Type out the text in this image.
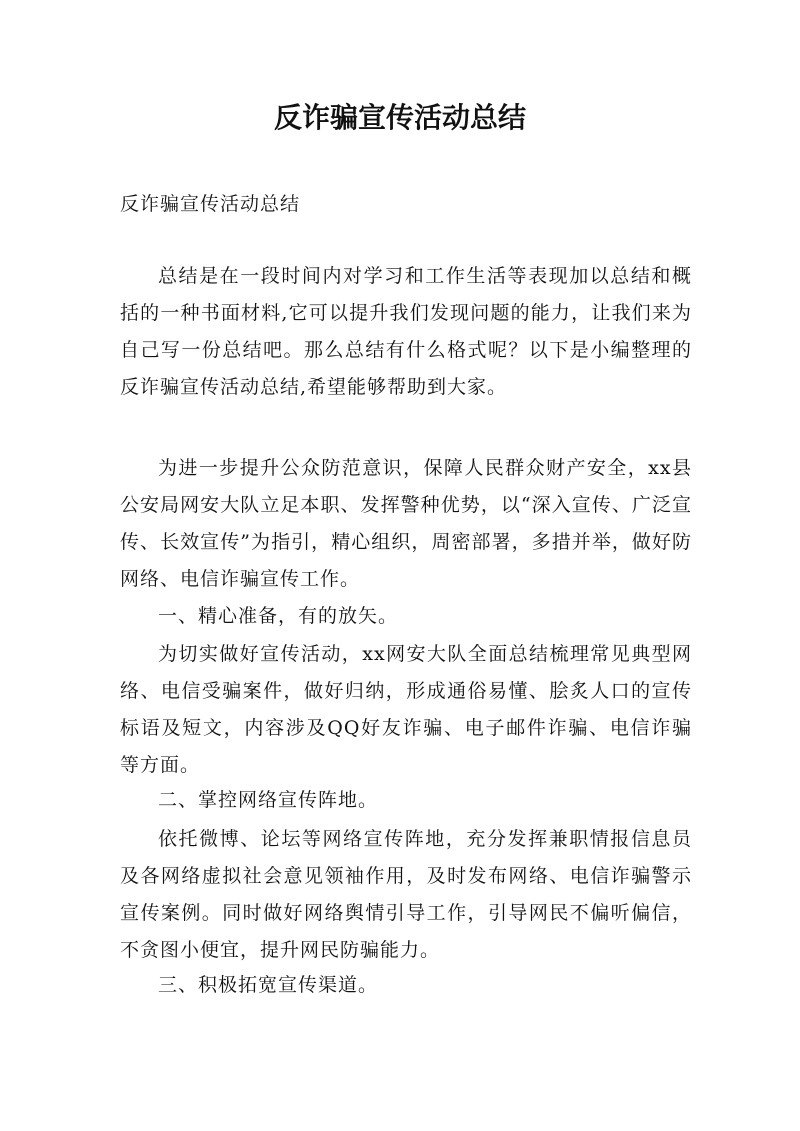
反诈骗宣传活动总结
反诈骗宣传活动总结

总结是在一段时间内对学习和工作生活等表现加以总结和概括的一种书面材料,它可以提升我们发现问题的能力，让我们来为自己写一份总结吧。那么总结有什么格式呢？以下是小编整理的反诈骗宣传活动总结,希望能够帮助到大家。

为进一步提升公众防范意识，保障人民群众财产安全，xx县公安局网安大队立足本职、发挥警种优势，以“深入宣传、广泛宣传、长效宣传”为指引，精心组织，周密部署，多措并举，做好防网络、电信诈骗宣传工作。

一、精心准备，有的放矢。

为切实做好宣传活动，xx网安大队全面总结梳理常见典型网络、电信受骗案件，做好归纳，形成通俗易懂、脍炙人口的宣传标语及短文，内容涉及QQ好友诈骗、电子邮件诈骗、电信诈骗等方面。

二、掌控网络宣传阵地。

依托微博、论坛等网络宣传阵地，充分发挥兼职情报信息员及各网络虚拟社会意见领袖作用，及时发布网络、电信诈骗警示宣传案例。同时做好网络舆情引导工作，引导网民不偏听偏信，不贪图小便宜，提升网民防骗能力。

三、积极拓宽宣传渠道。
